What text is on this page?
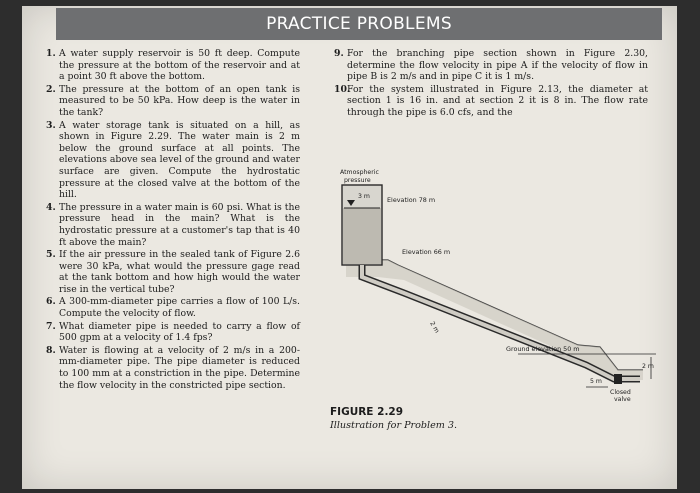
PRACTICE PROBLEMS
1. A water supply reservoir is 50 ft deep. Compute the pressure at the bottom of the reservoir and at a point 30 ft above the bottom.
2. The pressure at the bottom of an open tank is measured to be 50 kPa. How deep is the water in the tank?
3. A water storage tank is situated on a hill, as shown in Figure 2.29. The water main is 2 m below the ground surface at all points. The elevations above sea level of the ground and water surface are given. Compute the hydrostatic pressure at the closed valve at the bottom of the hill.
4. The pressure in a water main is 60 psi. What is the pressure head in the main? What is the hydrostatic pressure at a customer's tap that is 40 ft above the main?
5. If the air pressure in the sealed tank of Figure 2.6 were 30 kPa, what would the pressure gage read at the tank bottom and how high would the water rise in the vertical tube?
6. A 300-mm-diameter pipe carries a flow of 100 L/s. Compute the velocity of flow.
7. What diameter pipe is needed to carry a flow of 500 gpm at a velocity of 1.4 fps?
8. Water is flowing at a velocity of 2 m/s in a 200-mm-diameter pipe. The pipe diameter is reduced to 100 mm at a constriction in the pipe. Determine the flow velocity in the constricted pipe section.
9. For the branching pipe section shown in Figure 2.30, determine the flow velocity in pipe A if the velocity of flow in pipe B is 2 m/s and in pipe C it is 1 m/s.
10.
For the system illustrated in Figure 2.13, the diameter at section 1 is 16 in. and at section 2 it is 8 in. The flow rate through the pipe is 6.0 cfs, and the
Atmospheric
pressure
3 m	Elevation 78 m
Elevation 66 m
2 m
Ground elevation 50 m
2 m
5 m
Closed
valve
FIGURE 2.29
Illustration for Problem 3.
